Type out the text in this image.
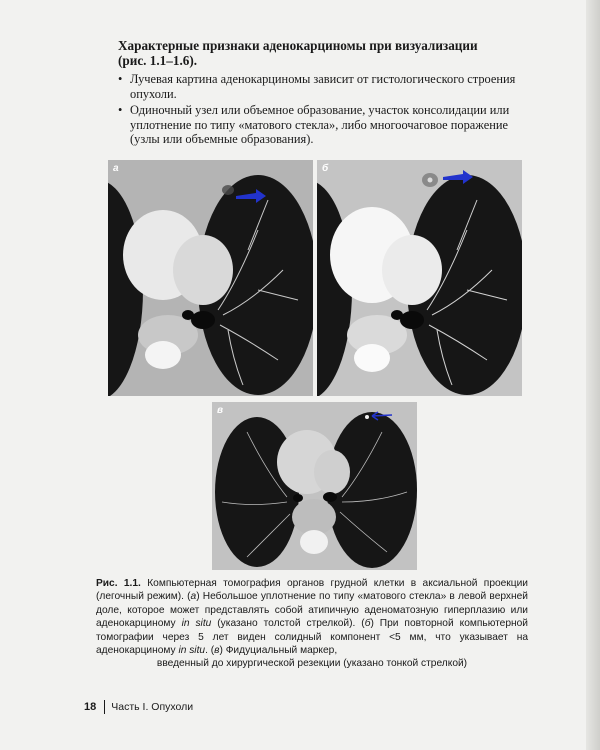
Характерные признаки аденокарциномы при визуализации
(рис. 1.1–1.6).
• Лучевая картина аденокарциномы зависит от гистологического строения опухоли.
• Одиночный узел или объемное образование, участок консолидации или уплотнение по типу «матового стекла», либо многоочаговое поражение (узлы или объемные образования).
а	б
в

Рис. 1.1. Компьютерная томография органов грудной клетки в аксиальной проекции (легочный режим). (а) Небольшое уплотнение по типу «матового стекла» в левой верхней доле, которое может представлять собой атипичную аденоматозную гиперплазию или аденокарциному in situ (указано толстой стрелкой). (б) При повторной компьютерной томографии через 5 лет виден солидный компонент <5 мм, что указывает на аденокарциному in situ. (в) Фидуциальный маркер,
введенный до хирургической резекции (указано тонкой стрелкой)

18	Часть I. Опухоли
